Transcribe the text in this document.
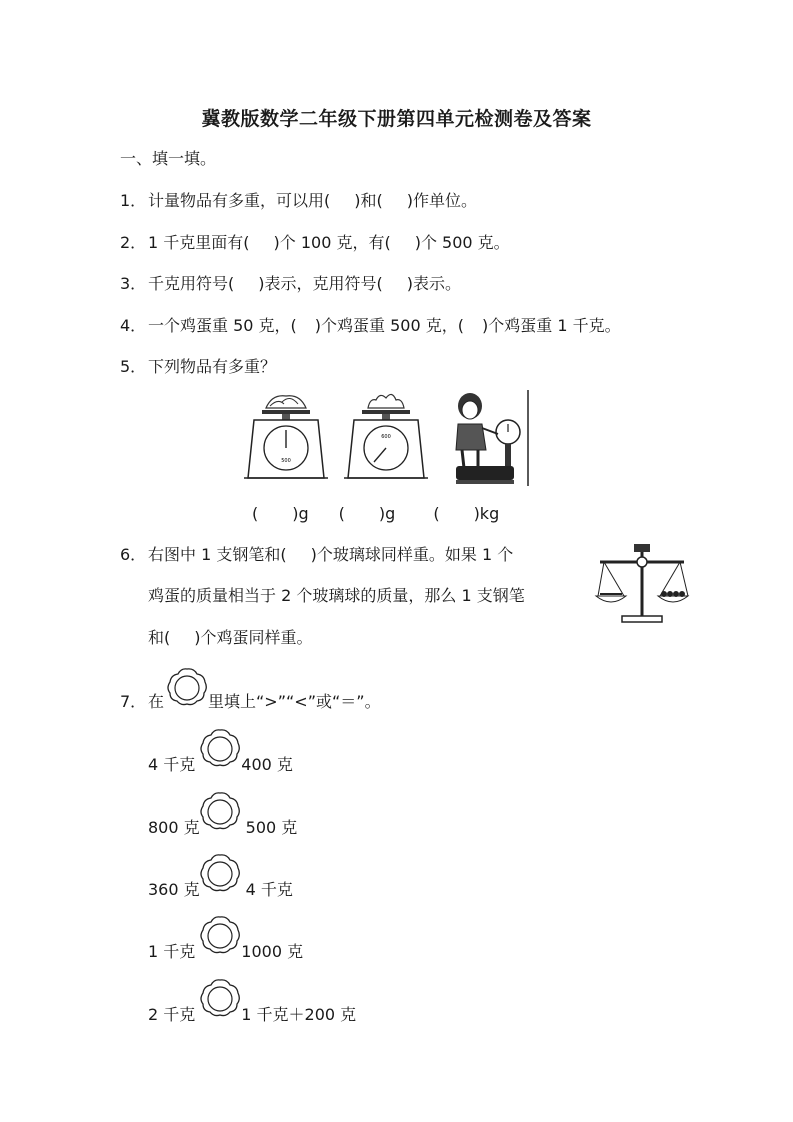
冀教版数学二年级下册第四单元检测卷及答案
一、填一填。
1． 计量物品有多重，可以用( )和( )作单位。
2． 1 千克里面有( )个 100 克，有( )个 500 克。
3． 千克用符号( )表示，克用符号( )表示。
4． 一个鸡蛋重 50 克，( )个鸡蛋重 500 克，( )个鸡蛋重 1 千克。
5． 下列物品有多重？
500
600
( )g ( )g ( )kg
6． 右图中 1 支钢笔和( )个玻璃球同样重。如果 1 个
鸡蛋的质量相当于 2 个玻璃球的质量，那么 1 支钢笔
和( )个鸡蛋同样重。
7． 在	里填上“>”“<”或“＝”。
4 千克	400 克
800 克	500 克
360 克	4 千克
1 千克	1000 克
2 千克	1 千克＋200 克
